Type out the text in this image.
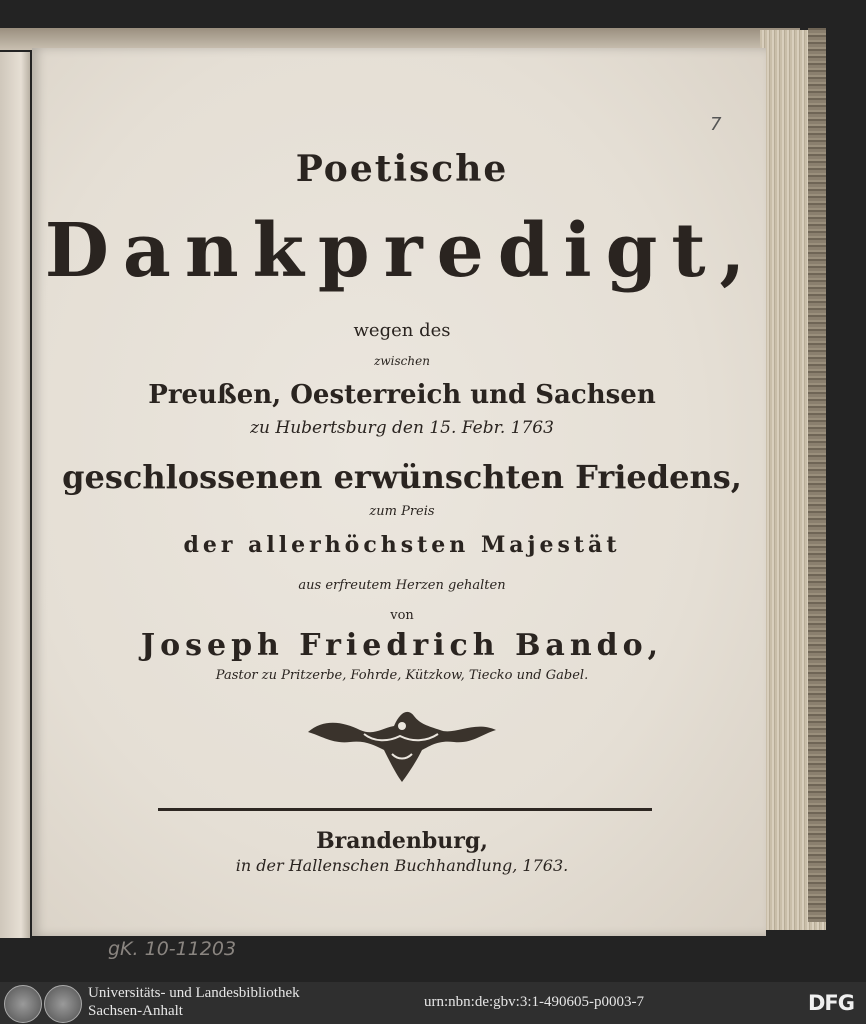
7
Poetische
Dankpredigt,
wegen des
zwischen
Preußen, Oesterreich und Sachsen
zu Hubertsburg den 15. Febr. 1763
geschlossenen erwünschten Friedens,
zum Preis
der allerhöchsten Majestät
aus erfreutem Herzen gehalten
von
Joseph Friedrich Bando,
Pastor zu Pritzerbe, Fohrde, Kützkow, Tiecko und Gabel.
Brandenburg,
in der Hallenschen Buchhandlung, 1763.
gK. 10-11203
Universitäts- und Landesbibliothek
Sachsen-Anhalt
urn:nbn:de:gbv:3:1-490605-p0003-7	DFG
